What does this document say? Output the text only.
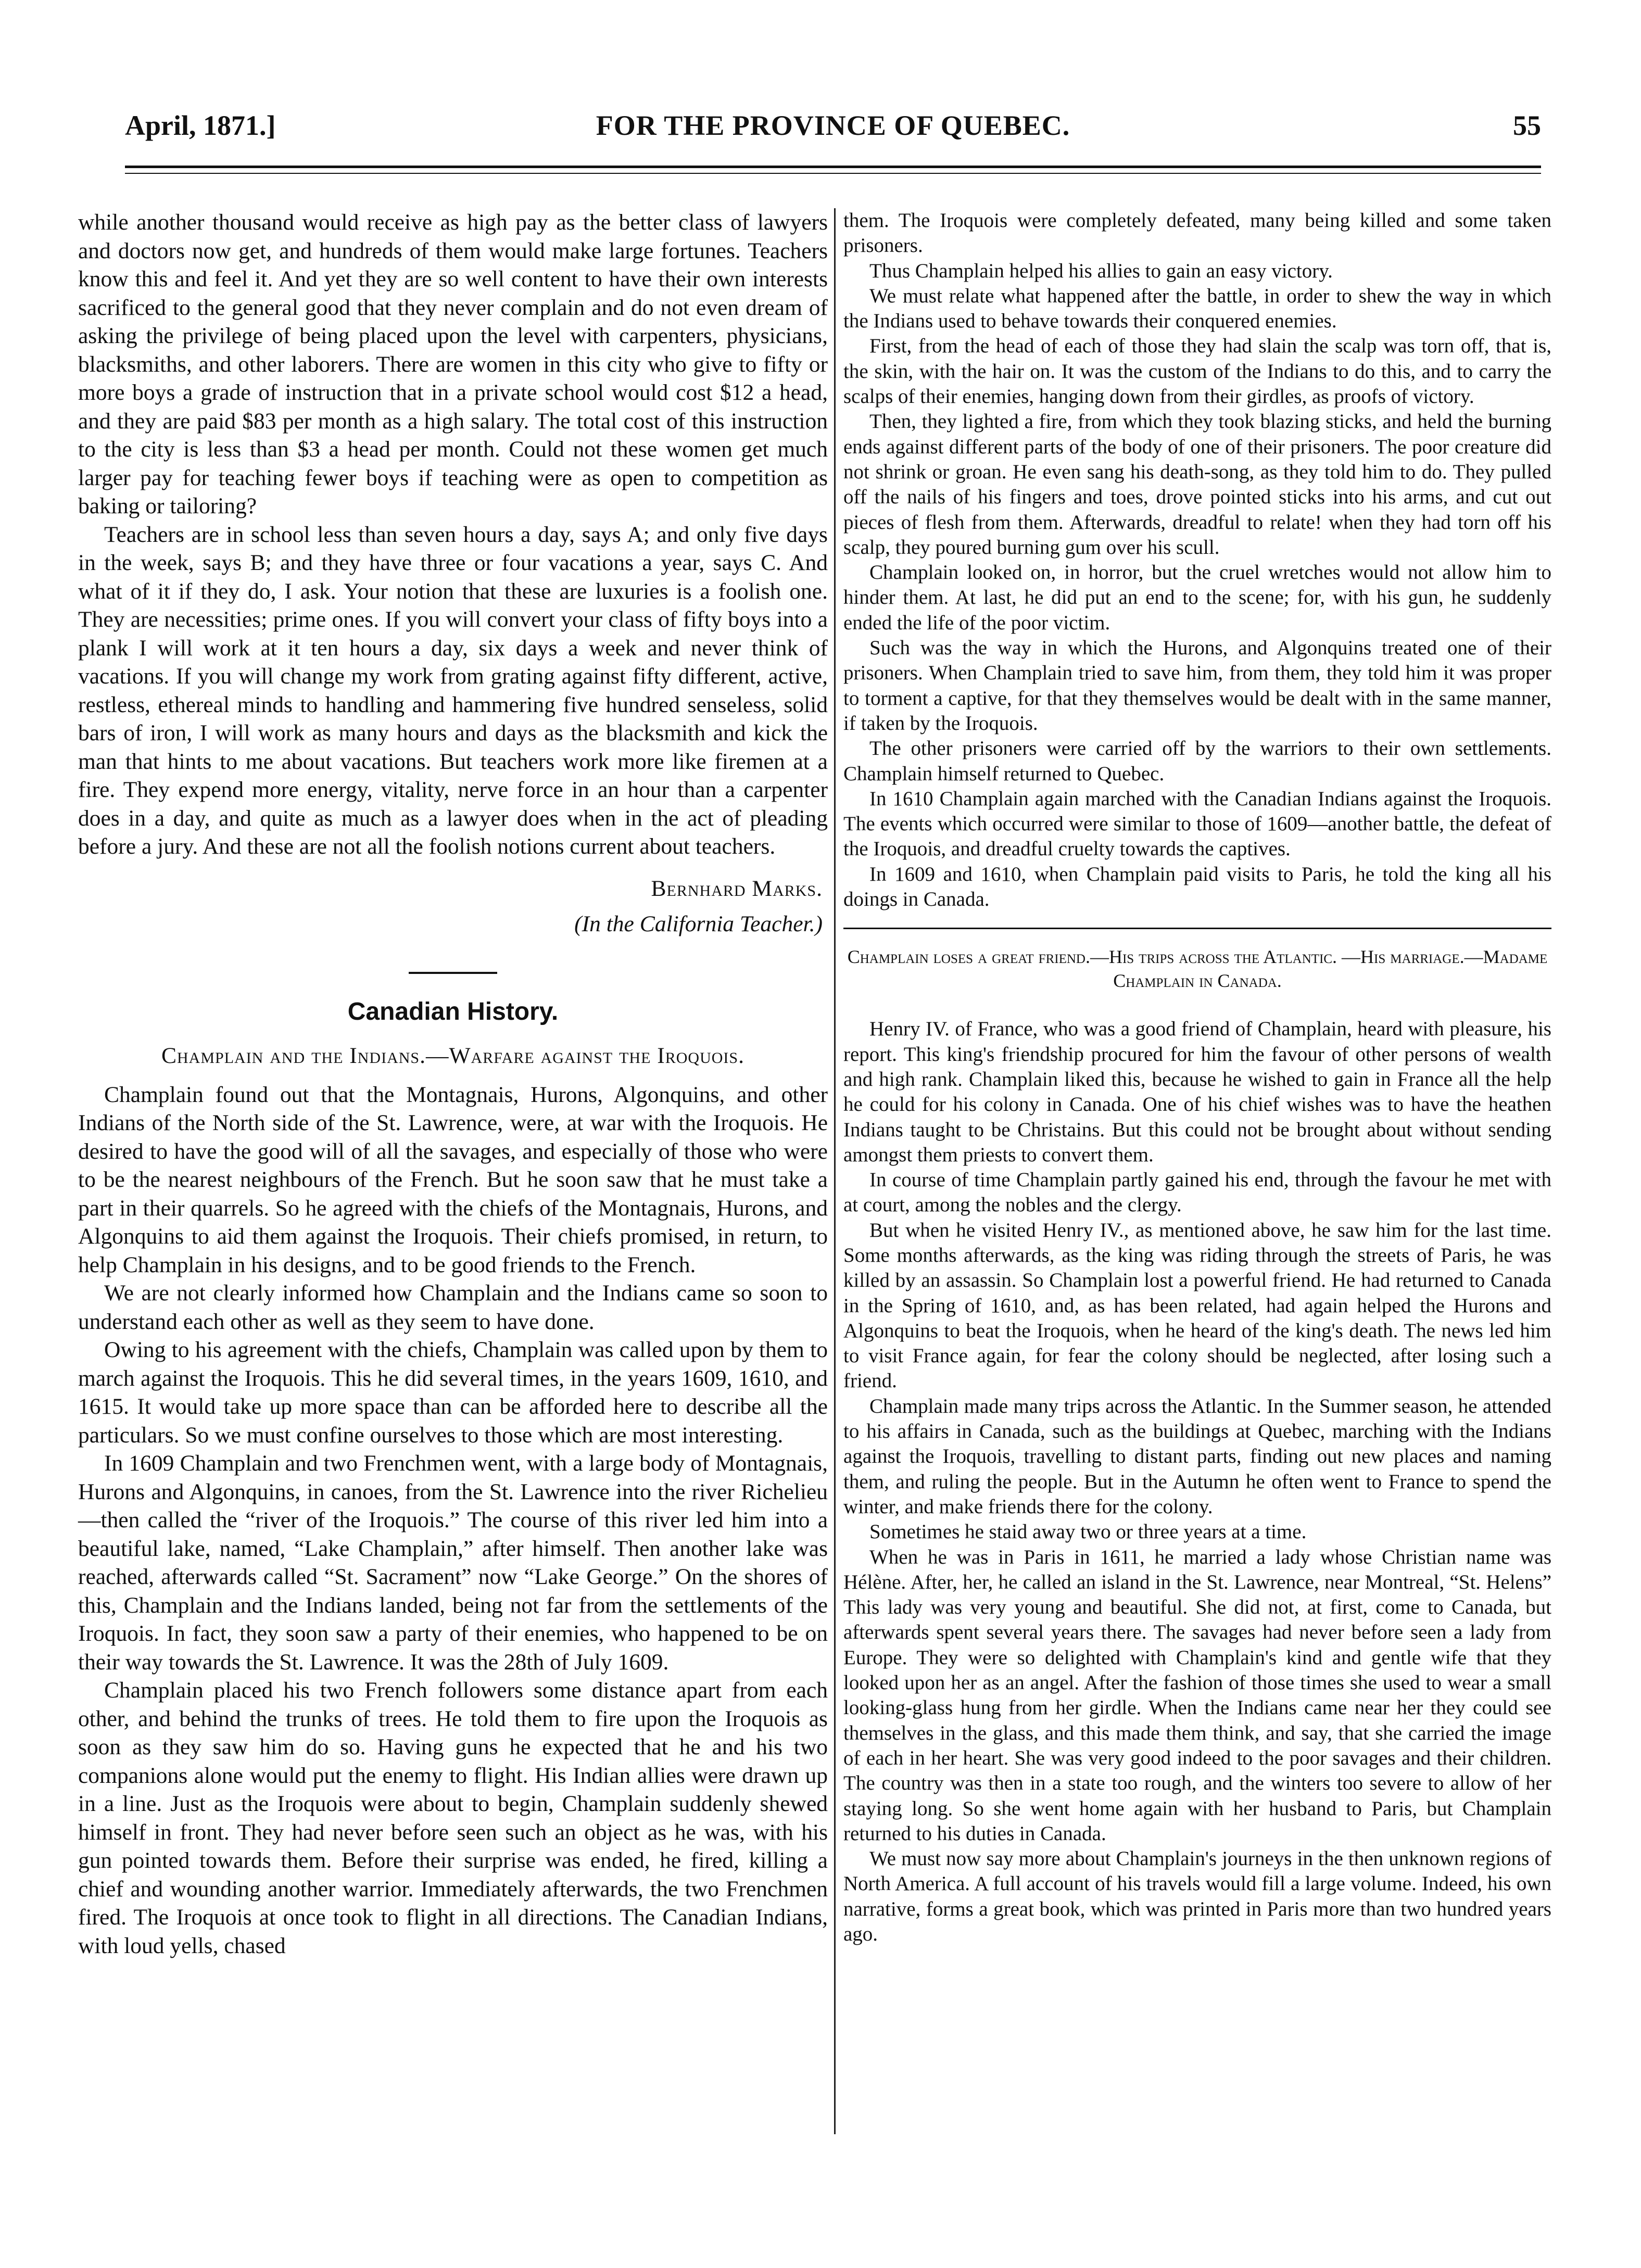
April, 1871.]	FOR THE PROVINCE OF QUEBEC.	55

while another thousand would receive as high pay as the better class of lawyers and doctors now get, and hundreds of them would make large fortunes. Teachers know this and feel it. And yet they are so well content to have their own interests sacrificed to the general good that they never complain and do not even dream of asking the privilege of being placed upon the level with carpenters, physicians, blacksmiths, and other laborers. There are women in this city who give to fifty or more boys a grade of instruction that in a private school would cost $12 a head, and they are paid $83 per month as a high salary. The total cost of this instruction to the city is less than $3 a head per month. Could not these women get much larger pay for teaching fewer boys if teaching were as open to competition as baking or tailoring?

Teachers are in school less than seven hours a day, says A; and only five days in the week, says B; and they have three or four vacations a year, says C. And what of it if they do, I ask. Your notion that these are luxuries is a foolish one. They are necessities; prime ones. If you will convert your class of fifty boys into a plank I will work at it ten hours a day, six days a week and never think of vacations. If you will change my work from grating against fifty different, active, restless, ethereal minds to handling and hammering five hundred senseless, solid bars of iron, I will work as many hours and days as the blacksmith and kick the man that hints to me about vacations. But teachers work more like firemen at a fire. They expend more energy, vitality, nerve force in an hour than a carpenter does in a day, and quite as much as a lawyer does when in the act of pleading before a jury. And these are not all the foolish notions current about teachers.

Bernhard Marks.
(In the California Teacher.)
Canadian History.
Champlain and the Indians.—Warfare against the Iroquois.

Champlain found out that the Montagnais, Hurons, Algonquins, and other Indians of the North side of the St. Lawrence, were, at war with the Iroquois. He desired to have the good will of all the savages, and especially of those who were to be the nearest neighbours of the French. But he soon saw that he must take a part in their quarrels. So he agreed with the chiefs of the Montagnais, Hurons, and Algonquins to aid them against the Iroquois. Their chiefs promised, in return, to help Champlain in his designs, and to be good friends to the French.

We are not clearly informed how Champlain and the Indians came so soon to understand each other as well as they seem to have done.

Owing to his agreement with the chiefs, Champlain was called upon by them to march against the Iroquois. This he did several times, in the years 1609, 1610, and 1615. It would take up more space than can be afforded here to describe all the particulars. So we must confine ourselves to those which are most interesting.

In 1609 Champlain and two Frenchmen went, with a large body of Montagnais, Hurons and Algonquins, in canoes, from the St. Lawrence into the river Richelieu—then called the “river of the Iroquois.” The course of this river led him into a beautiful lake, named, “Lake Champlain,” after himself. Then another lake was reached, afterwards called “St. Sacrament” now “Lake George.” On the shores of this, Champlain and the Indians landed, being not far from the settlements of the Iroquois. In fact, they soon saw a party of their enemies, who happened to be on their way towards the St. Lawrence. It was the 28th of July 1609.

Champlain placed his two French followers some distance apart from each other, and behind the trunks of trees. He told them to fire upon the Iroquois as soon as they saw him do so. Having guns he expected that he and his two companions alone would put the enemy to flight. His Indian allies were drawn up in a line. Just as the Iroquois were about to begin, Champlain suddenly shewed himself in front. They had never before seen such an object as he was, with his gun pointed towards them. Before their surprise was ended, he fired, killing a chief and wounding another warrior. Immediately afterwards, the two Frenchmen fired. The Iroquois at once took to flight in all directions. The Canadian Indians, with loud yells, chased

them. The Iroquois were completely defeated, many being killed and some taken prisoners.

Thus Champlain helped his allies to gain an easy victory.

We must relate what happened after the battle, in order to shew the way in which the Indians used to behave towards their conquered enemies.

First, from the head of each of those they had slain the scalp was torn off, that is, the skin, with the hair on. It was the custom of the Indians to do this, and to carry the scalps of their enemies, hanging down from their girdles, as proofs of victory.

Then, they lighted a fire, from which they took blazing sticks, and held the burning ends against different parts of the body of one of their prisoners. The poor creature did not shrink or groan. He even sang his death-song, as they told him to do. They pulled off the nails of his fingers and toes, drove pointed sticks into his arms, and cut out pieces of flesh from them. Afterwards, dreadful to relate! when they had torn off his scalp, they poured burning gum over his scull.

Champlain looked on, in horror, but the cruel wretches would not allow him to hinder them. At last, he did put an end to the scene; for, with his gun, he suddenly ended the life of the poor victim.

Such was the way in which the Hurons, and Algonquins treated one of their prisoners. When Champlain tried to save him, from them, they told him it was proper to torment a captive, for that they themselves would be dealt with in the same manner, if taken by the Iroquois.

The other prisoners were carried off by the warriors to their own settlements. Champlain himself returned to Quebec.

In 1610 Champlain again marched with the Canadian Indians against the Iroquois. The events which occurred were similar to those of 1609—another battle, the defeat of the Iroquois, and dreadful cruelty towards the captives.

In 1609 and 1610, when Champlain paid visits to Paris, he told the king all his doings in Canada.

Champlain loses a great friend.—His trips across the Atlantic. —His marriage.—Madame Champlain in Canada.

Henry IV. of France, who was a good friend of Champlain, heard with pleasure, his report. This king's friendship procured for him the favour of other persons of wealth and high rank. Champlain liked this, because he wished to gain in France all the help he could for his colony in Canada. One of his chief wishes was to have the heathen Indians taught to be Christains. But this could not be brought about without sending amongst them priests to convert them.

In course of time Champlain partly gained his end, through the favour he met with at court, among the nobles and the clergy.

But when he visited Henry IV., as mentioned above, he saw him for the last time. Some months afterwards, as the king was riding through the streets of Paris, he was killed by an assassin. So Champlain lost a powerful friend. He had returned to Canada in the Spring of 1610, and, as has been related, had again helped the Hurons and Algonquins to beat the Iroquois, when he heard of the king's death. The news led him to visit France again, for fear the colony should be neglected, after losing such a friend.

Champlain made many trips across the Atlantic. In the Summer season, he attended to his affairs in Canada, such as the buildings at Quebec, marching with the Indians against the Iroquois, travelling to distant parts, finding out new places and naming them, and ruling the people. But in the Autumn he often went to France to spend the winter, and make friends there for the colony.

Sometimes he staid away two or three years at a time.

When he was in Paris in 1611, he married a lady whose Christian name was Hélène. After, her, he called an island in the St. Lawrence, near Montreal, “St. Helens” This lady was very young and beautiful. She did not, at first, come to Canada, but afterwards spent several years there. The savages had never before seen a lady from Europe. They were so delighted with Champlain's kind and gentle wife that they looked upon her as an angel. After the fashion of those times she used to wear a small looking-glass hung from her girdle. When the Indians came near her they could see themselves in the glass, and this made them think, and say, that she carried the image of each in her heart. She was very good indeed to the poor savages and their children. The country was then in a state too rough, and the winters too severe to allow of her staying long. So she went home again with her husband to Paris, but Champlain returned to his duties in Canada.

We must now say more about Champlain's journeys in the then unknown regions of North America. A full account of his travels would fill a large volume. Indeed, his own narrative, forms a great book, which was printed in Paris more than two hundred years ago.
